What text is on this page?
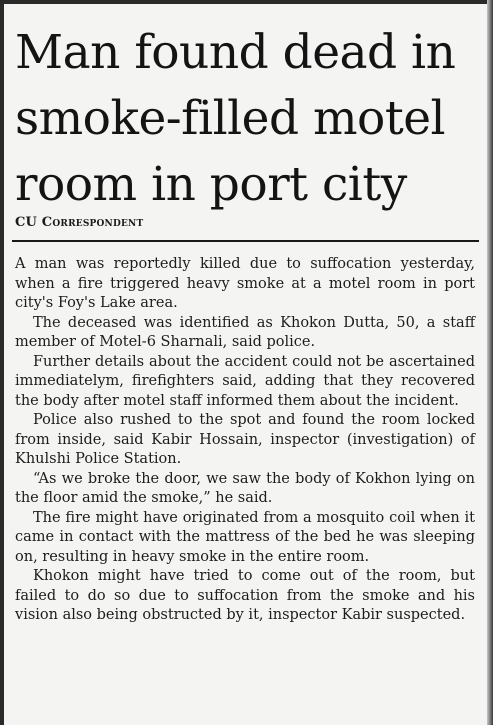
Man found dead in smoke-filled motel room in port city
CU Correspondent

A man was reportedly killed due to suffocation yesterday, when a fire triggered heavy smoke at a motel room in port city's Foy's Lake area.

The deceased was identified as Khokon Dutta, 50, a staff member of Motel-6 Sharnali, said police.

Further details about the accident could not be ascertained immediatelym, firefighters said, adding that they recovered the body after motel staff informed them about the incident.

Police also rushed to the spot and found the room locked from inside, said Kabir Hossain, inspector (investigation) of Khulshi Police Station.

“As we broke the door, we saw the body of Kokhon lying on the floor amid the smoke,” he said.

The fire might have originated from a mosquito coil when it came in contact with the mattress of the bed he was sleeping on, resulting in heavy smoke in the entire room.

Khokon might have tried to come out of the room, but failed to do so due to suffocation from the smoke and his vision also being obstructed by it, inspector Kabir suspected.
